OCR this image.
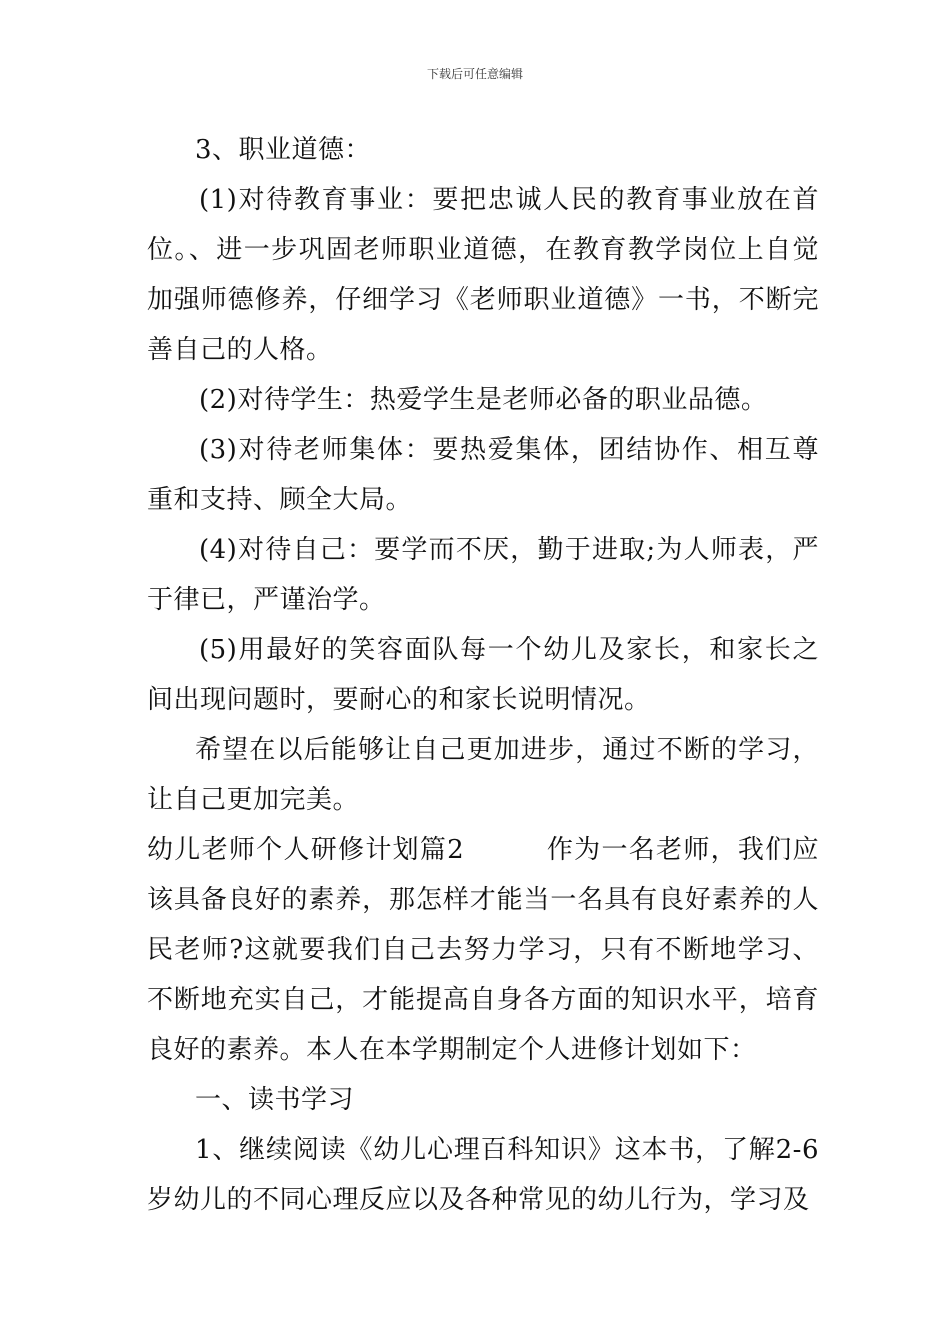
下载后可任意编辑

3、职业道德：

(1)对待教育事业：要把忠诚人民的教育事业放在首位。、进一步巩固老师职业道德，在教育教学岗位上自觉加强师德修养，仔细学习《老师职业道德》一书，不断完善自己的人格。

(2)对待学生：热爱学生是老师必备的职业品德。

(3)对待老师集体：要热爱集体，团结协作、相互尊重和支持、顾全大局。

(4)对待自己：要学而不厌，勤于进取;为人师表，严于律已，严谨治学。

(5)用最好的笑容面队每一个幼儿及家长，和家长之间出现问题时，要耐心的和家长说明情况。

希望在以后能够让自己更加进步，通过不断的学习，让自己更加完美。

幼儿老师个人研修计划篇2　　　作为一名老师，我们应该具备良好的素养，那怎样才能当一名具有良好素养的人民老师?这就要我们自己去努力学习，只有不断地学习、不断地充实自己，才能提高自身各方面的知识水平，培育良好的素养。本人在本学期制定个人进修计划如下：

一、读书学习

1、继续阅读《幼儿心理百科知识》这本书，了解2-6岁幼儿的不同心理反应以及各种常见的幼儿行为，学习及
